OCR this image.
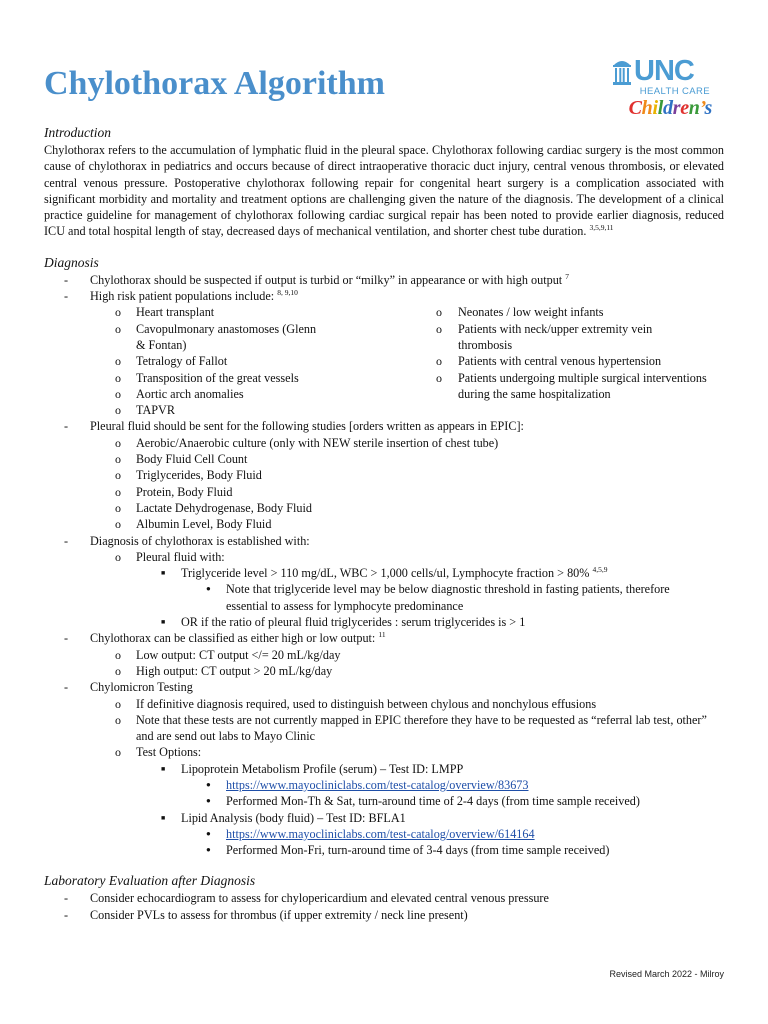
Chylothorax Algorithm	UNC
HEALTH CARE
Children’s
Introduction

Chylothorax refers to the accumulation of lymphatic fluid in the pleural space. Chylothorax following cardiac surgery is the most common cause of chylothorax in pediatrics and occurs because of direct intraoperative thoracic duct injury, central venous thrombosis, or elevated central venous pressure. Postoperative chylothorax following repair for congenital heart surgery is a complication associated with significant morbidity and mortality and treatment options are challenging given the nature of the diagnosis. The development of a clinical practice guideline for management of chylothorax following cardiac surgical repair has been noted to provide earlier diagnosis, reduced ICU and total hospital length of stay, decreased days of mechanical ventilation, and shorter chest tube duration. $^{3,5,9,11}$

Diagnosis
- Chylothorax should be suspected if output is turbid or “milky” in appearance or with high output $^7$
- High risk patient populations include: $^{8, 9,10}$
o Heart transplant
o Cavopulmonary anastomoses (Glenn & Fontan)
o Tetralogy of Fallot
o Transposition of the great vessels
o Aortic arch anomalies
o TAPVR
o Neonates / low weight infants
o Patients with neck/upper extremity vein thrombosis
o Patients with central venous hypertension
o Patients undergoing multiple surgical interventions during the same hospitalization
- Pleural fluid should be sent for the following studies [orders written as appears in EPIC]:
o Aerobic/Anaerobic culture (only with NEW sterile insertion of chest tube)
o Body Fluid Cell Count
o Triglycerides, Body Fluid
o Protein, Body Fluid
o Lactate Dehydrogenase, Body Fluid
o Albumin Level, Body Fluid
- Diagnosis of chylothorax is established with:
o Pleural fluid with:
■ Triglyceride level > 110 mg/dL, WBC > 1,000 cells/ul, Lymphocyte fraction > 80% $^{4,5,9}$
● Note that triglyceride level may be below diagnostic threshold in fasting patients, therefore essential to assess for lymphocyte predominance
■ OR if the ratio of pleural fluid triglycerides : serum triglycerides is > 1
- Chylothorax can be classified as either high or low output: $^{11}$
o Low output: CT output </= 20 mL/kg/day
o High output: CT output > 20 mL/kg/day
- Chylomicron Testing
o If definitive diagnosis required, used to distinguish between chylous and nonchylous effusions
o Note that these tests are not currently mapped in EPIC therefore they have to be requested as “referral lab test, other” and are send out labs to Mayo Clinic
o Test Options:
■ Lipoprotein Metabolism Profile (serum) – Test ID: LMPP
● https://www.mayocliniclabs.com/test-catalog/overview/83673
● Performed Mon-Th & Sat, turn-around time of 2-4 days (from time sample received)
■ Lipid Analysis (body fluid) – Test ID: BFLA1
● https://www.mayocliniclabs.com/test-catalog/overview/614164
● Performed Mon-Fri, turn-around time of 3-4 days (from time sample received)
Laboratory Evaluation after Diagnosis
- Consider echocardiogram to assess for chylopericardium and elevated central venous pressure
- Consider PVLs to assess for thrombus (if upper extremity / neck line present)
Revised March 2022 - Milroy
